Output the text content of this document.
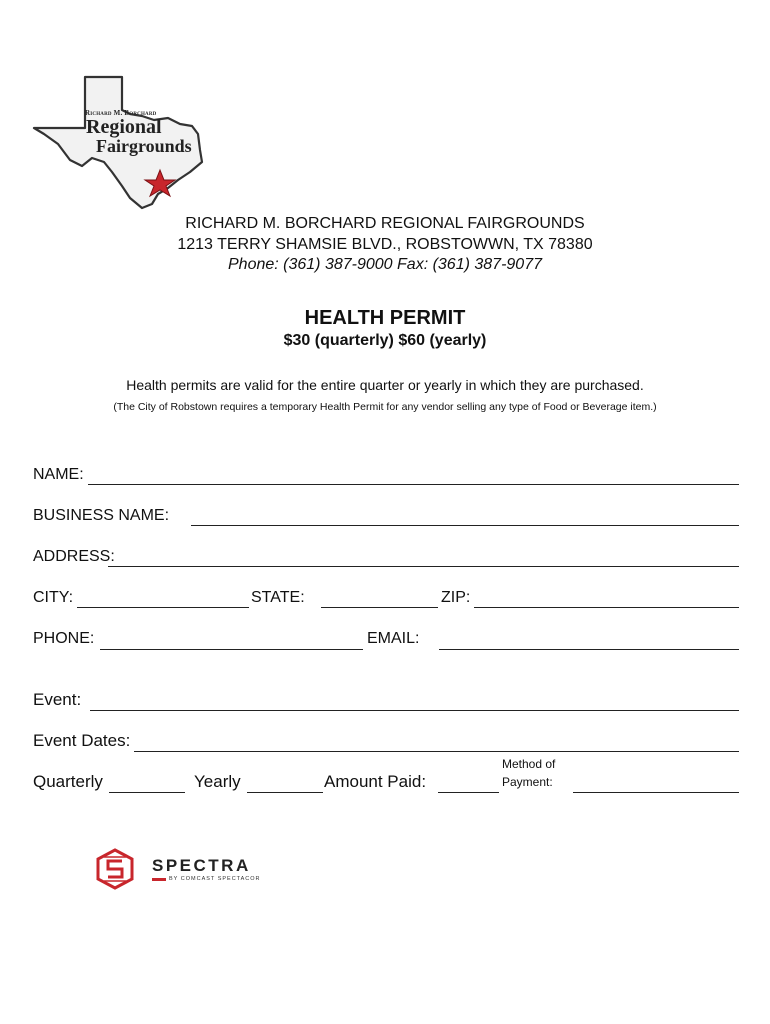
Richard M. Borchard
Regional
Fairgrounds
RICHARD M. BORCHARD REGIONAL FAIRGROUNDS
1213 TERRY SHAMSIE BLVD., ROBSTOWWN, TX 78380
Phone: (361) 387-9000 Fax: (361) 387-9077
HEALTH PERMIT
$30 (quarterly) $60 (yearly)
Health permits are valid for the entire quarter or yearly in which they are purchased.
(The City of Robstown requires a temporary Health Permit for any vendor selling any type of Food or Beverage item.)
NAME:
BUSINESS NAME:
ADDRESS:
CITY:	STATE:	ZIP:
PHONE:	EMAIL:
Event:
Event Dates:
Quarterly	Yearly	Amount Paid:
Method of
Payment:
SPECTRA
BY COMCAST SPECTACOR
